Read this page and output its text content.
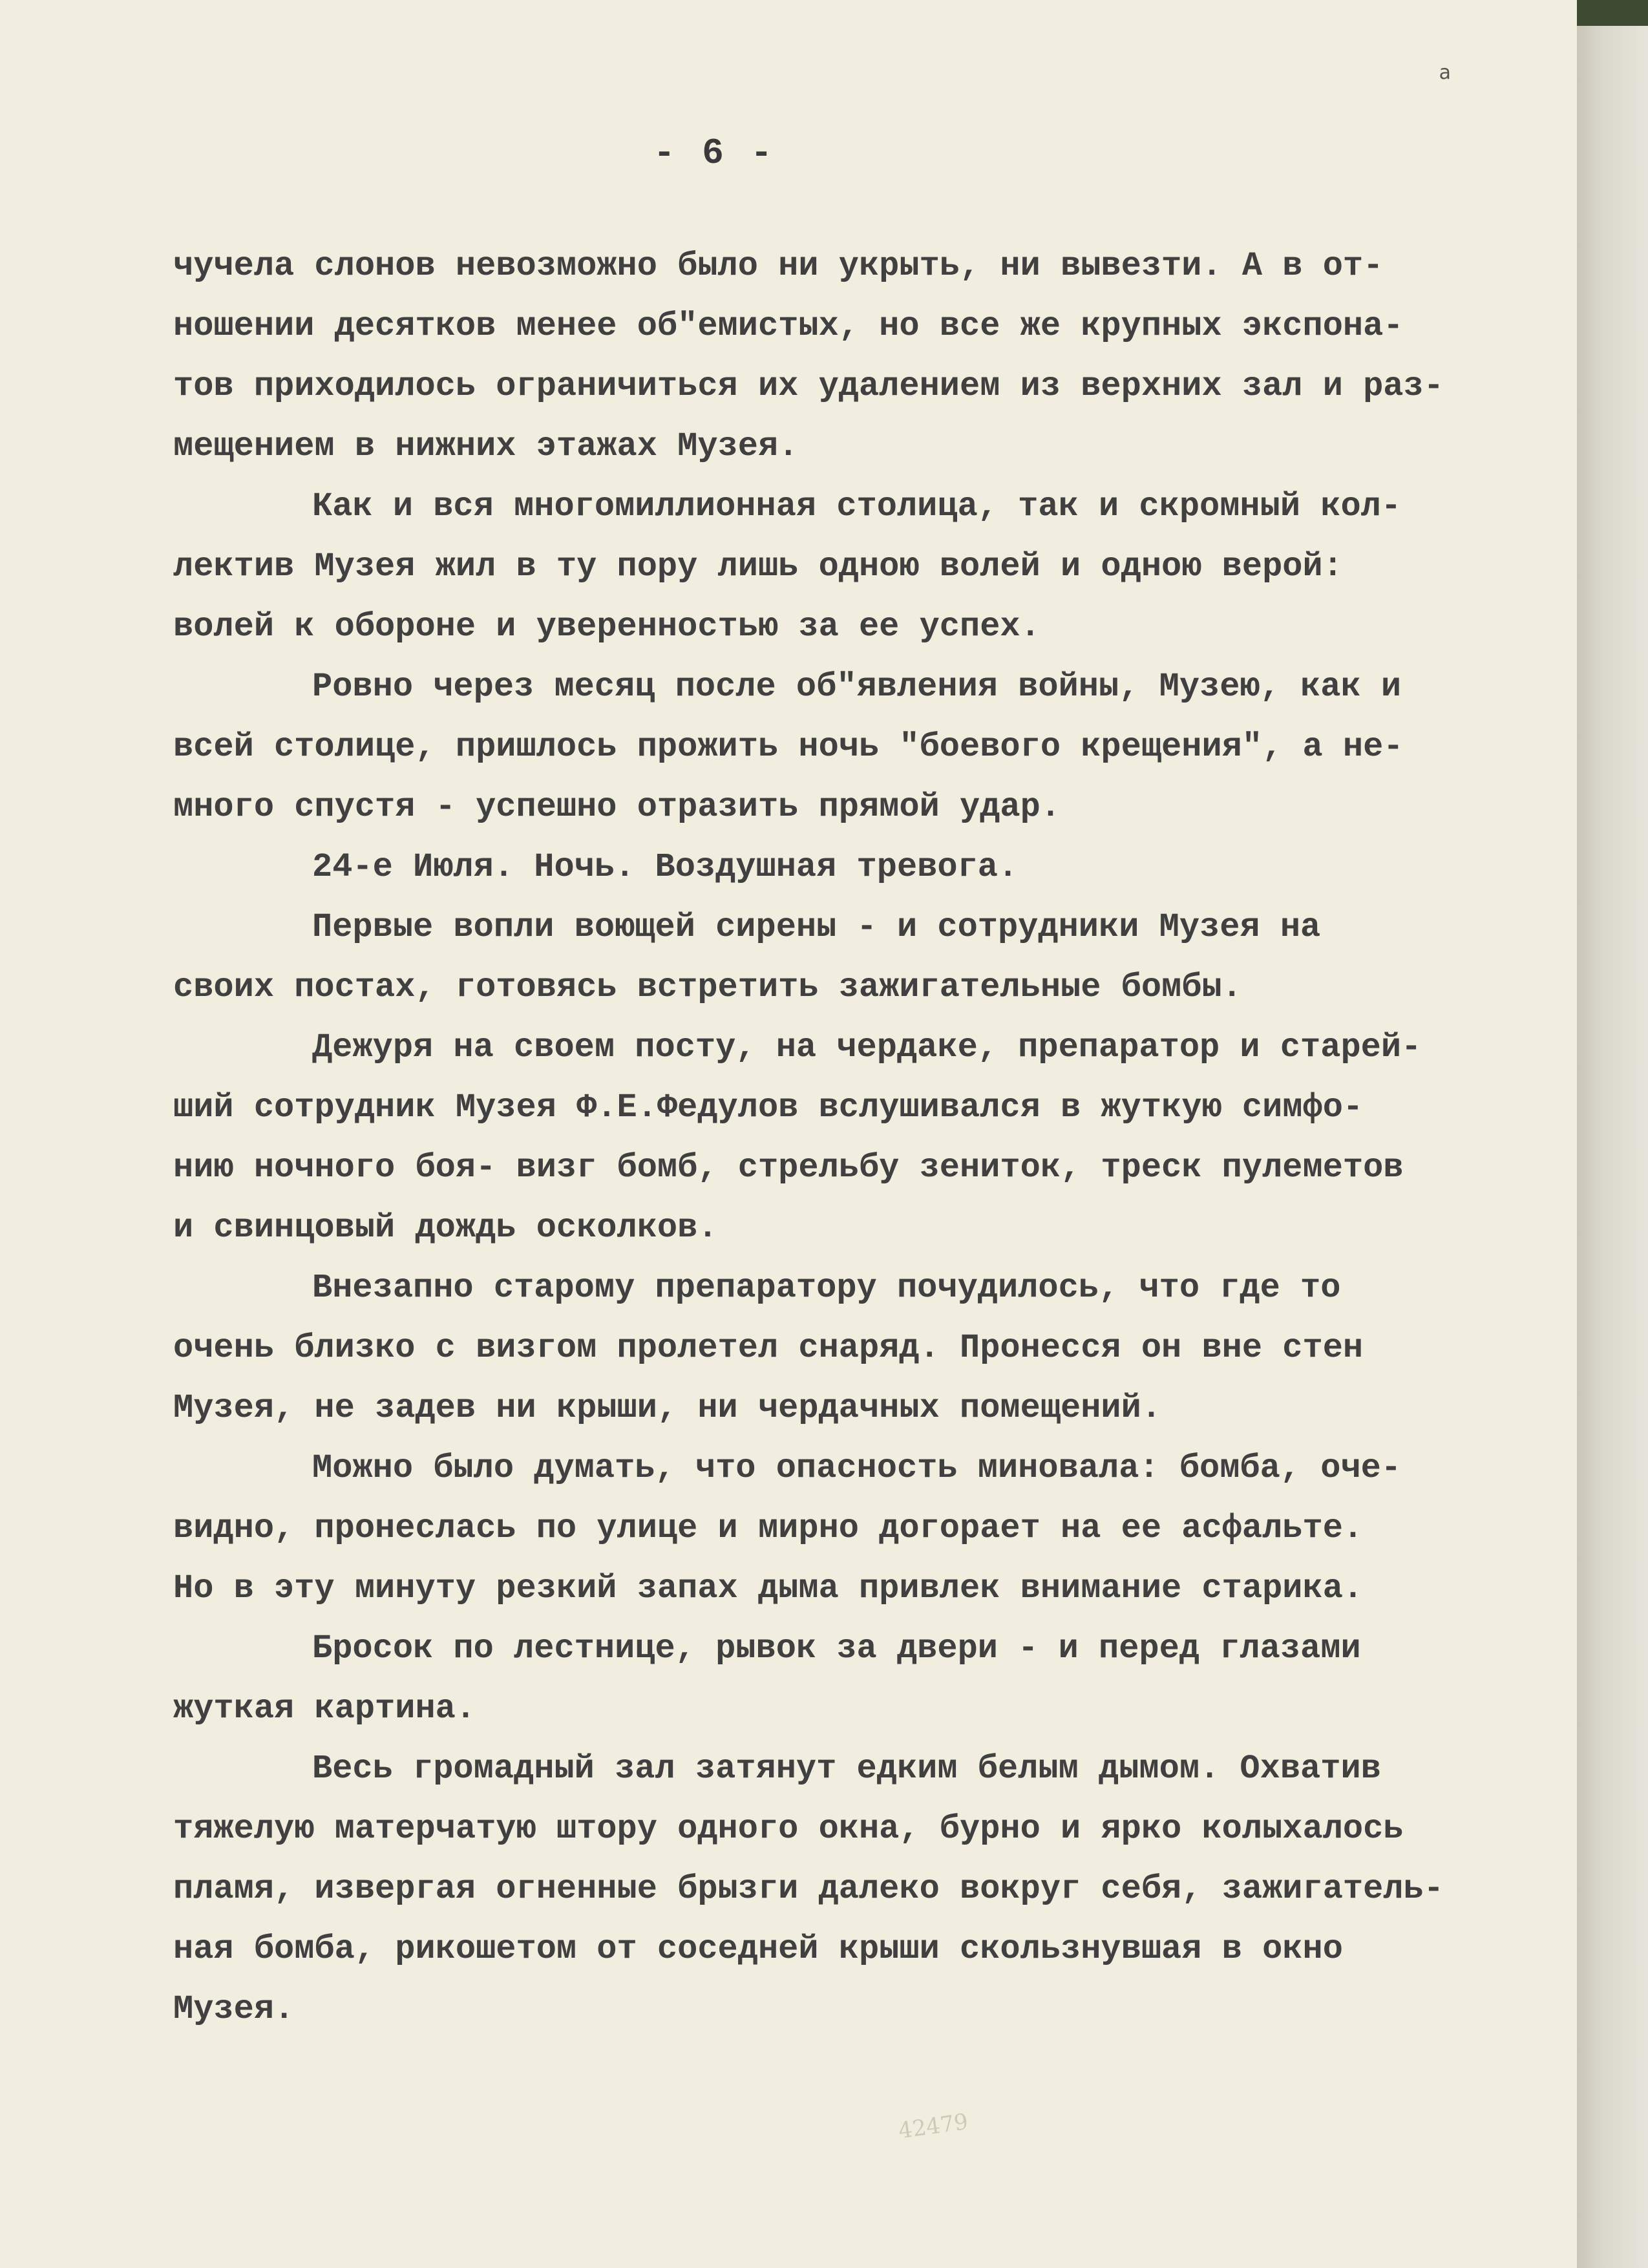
a
- 6 -
чучела слонов невозможно было ни укрыть, ни вывезти. А в от-
ношении десятков менее об"емистых, но все же крупных экспона-
тов приходилось ограничиться их удалением из верхних зал и раз-
мещением в нижних этажах Музея.
Как и вся многомиллионная столица, так и скромный кол-
лектив Музея жил в ту пору лишь одною волей и одною верой:
волей к обороне и уверенностью за ее успех.
Ровно через месяц после об"явления войны, Музею, как и
всей столице, пришлось прожить ночь "боевого крещения", а не-
много спустя - успешно отразить прямой удар.
24-е Июля. Ночь. Воздушная тревога.
Первые вопли воющей сирены - и сотрудники Музея на
своих постах, готовясь встретить зажигательные бомбы.
Дежуря на своем посту, на чердаке, препаратор и старей-
ший сотрудник Музея Ф.Е.Федулов вслушивался в жуткую симфо-
нию ночного боя- визг бомб, стрельбу зениток, треск пулеметов
и свинцовый дождь осколков.
Внезапно старому препаратору почудилось, что где то
очень близко с визгом пролетел снаряд. Пронесся он вне стен
Музея, не задев ни крыши, ни чердачных помещений.
Можно было думать, что опасность миновала: бомба, оче-
видно, пронеслась по улице и мирно догорает на ее асфальте.
Но в эту минуту резкий запах дыма привлек внимание старика.
Бросок по лестнице, рывок за двери - и перед глазами
жуткая картина.
Весь громадный зал затянут едким белым дымом. Охватив
тяжелую матерчатую штору одного окна, бурно и ярко колыхалось
пламя, извергая огненные брызги далеко вокруг себя, зажигатель-
ная бомба, рикошетом от соседней крыши скользнувшая в окно
Музея.
42479
